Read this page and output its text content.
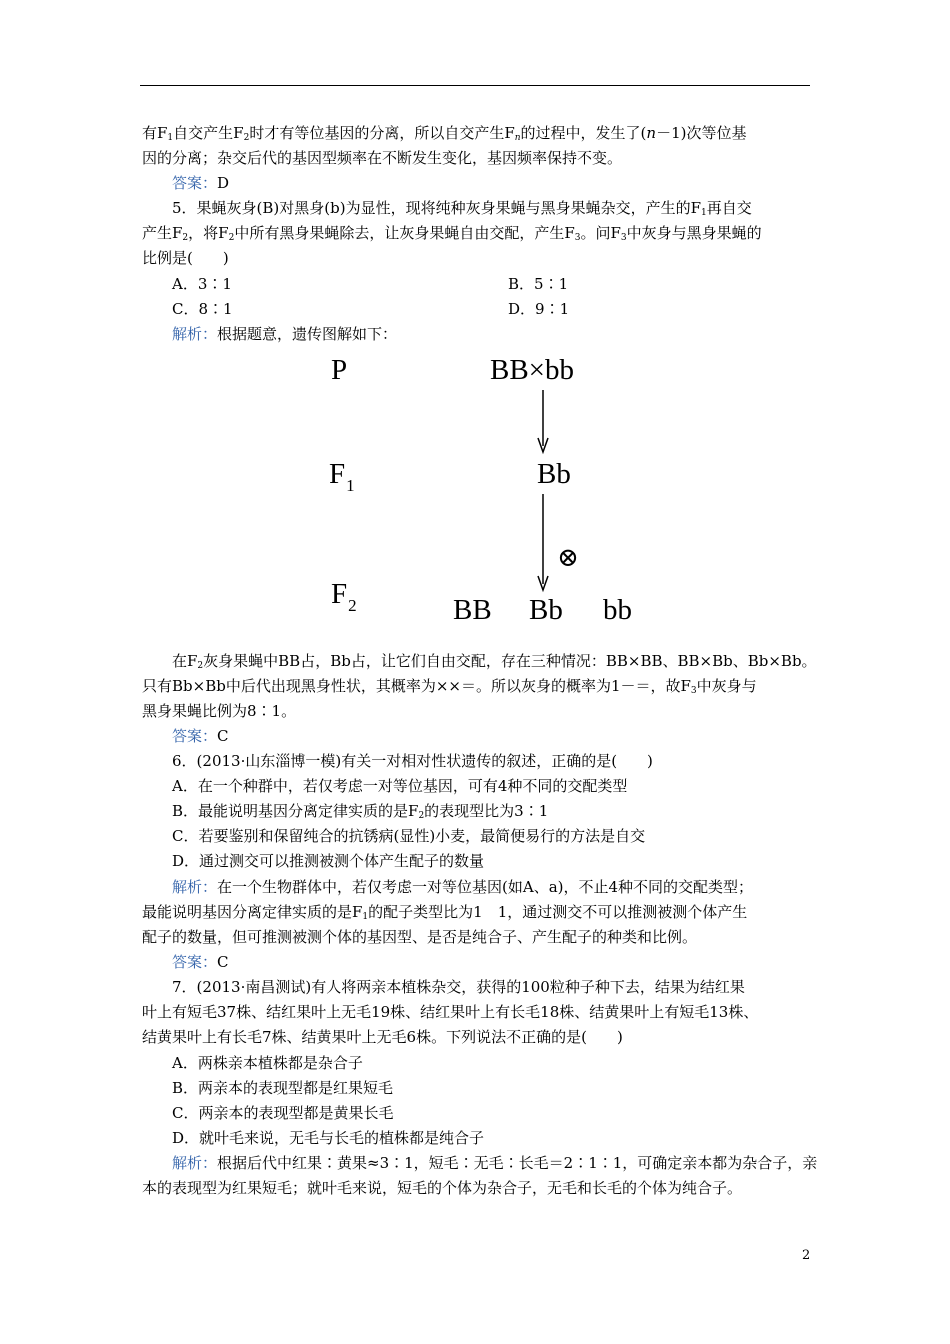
有$F_1$自交产生$F_2$时才有等位基因的分离，所以自交产生$F_n$的过程中，发生了(n－1)次等位基
因的分离；杂交后代的基因型频率在不断发生变化，基因频率保持不变。
答案：D
5．果蝇灰身(B)对黑身(b)为显性，现将纯种灰身果蝇与黑身果蝇杂交，产生的$F_1$再自交
产生$F_2$，将$F_2$中所有黑身果蝇除去，让灰身果蝇自由交配，产生$F_3$。问$F_3$中灰身与黑身果蝇的
比例是(　　)
A．3∶1	B．5∶1
C．8∶1	D．9∶1
解析：根据题意，遗传图解如下：
P	BB×bb
$F_1$	Bb
⊗
$F_2$	BB Bb bb
在$F_2$灰身果蝇中BB占，Bb占，让它们自由交配，存在三种情况：BB×BB、BB×Bb、Bb×Bb。
只有Bb×Bb中后代出现黑身性状，其概率为××＝。所以灰身的概率为1－＝，故$F_3$中灰身与
黑身果蝇比例为8∶1。
答案：C
6．(2013·山东淄博一模)有关一对相对性状遗传的叙述，正确的是(　　)
A．在一个种群中，若仅考虑一对等位基因，可有4种不同的交配类型
B．最能说明基因分离定律实质的是$F_2$的表现型比为3∶1
C．若要鉴别和保留纯合的抗锈病(显性)小麦，最简便易行的方法是自交
D．通过测交可以推测被测个体产生配子的数量
解析：在一个生物群体中，若仅考虑一对等位基因(如A、a)，不止4种不同的交配类型；
最能说明基因分离定律实质的是$F_1$的配子类型比为1　1，通过测交不可以推测被测个体产生
配子的数量，但可推测被测个体的基因型、是否是纯合子、产生配子的种类和比例。
答案：C
7．(2013·南昌测试)有人将两亲本植株杂交，获得的100粒种子种下去，结果为结红果
叶上有短毛37株、结红果叶上无毛19株、结红果叶上有长毛18株、结黄果叶上有短毛13株、
结黄果叶上有长毛7株、结黄果叶上无毛6株。下列说法不正确的是(　　)
A．两株亲本植株都是杂合子
B．两亲本的表现型都是红果短毛
C．两亲本的表现型都是黄果长毛
D．就叶毛来说，无毛与长毛的植株都是纯合子
解析：根据后代中红果∶黄果≈3∶1，短毛∶无毛∶长毛＝2∶1∶1，可确定亲本都为杂合子，亲
本的表现型为红果短毛；就叶毛来说，短毛的个体为杂合子，无毛和长毛的个体为纯合子。
2
